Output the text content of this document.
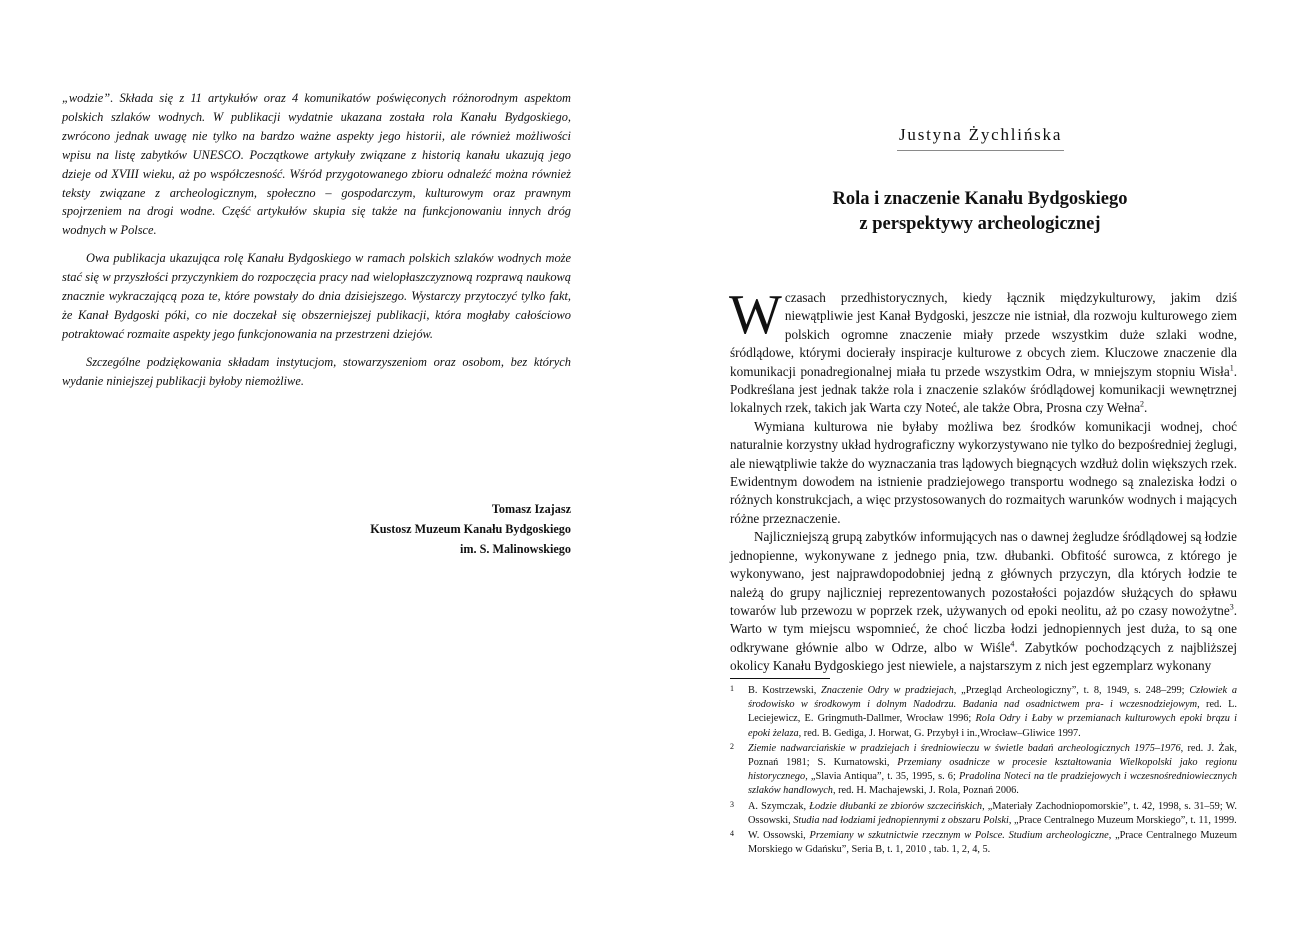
„wodzie”. Składa się z 11 artykułów oraz 4 komunikatów poświęconych różnorodnym aspektom polskich szlaków wodnych. W publikacji wydatnie ukazana została rola Kanału Bydgoskiego, zwrócono jednak uwagę nie tylko na bardzo ważne aspekty jego historii, ale również możliwości wpisu na listę zabytków UNESCO. Początkowe artykuły związane z historią kanału ukazują jego dzieje od XVIII wieku, aż po współczesność. Wśród przygotowanego zbioru odnaleźć można również teksty związane z archeologicznym, społeczno – gospodarczym, kulturowym oraz prawnym spojrzeniem na drogi wodne. Część artykułów skupia się także na funkcjonowaniu innych dróg wodnych w Polsce.

Owa publikacja ukazująca rolę Kanału Bydgoskiego w ramach polskich szlaków wodnych może stać się w przyszłości przyczynkiem do rozpoczęcia pracy nad wielopłaszczyznową rozprawą naukową znacznie wykraczającą poza te, które powstały do dnia dzisiejszego. Wystarczy przytoczyć tylko fakt, że Kanał Bydgoski póki, co nie doczekał się obszerniejszej publikacji, która mogłaby całościowo potraktować rozmaite aspekty jego funkcjonowania na przestrzeni dziejów.

Szczególne podziękowania składam instytucjom, stowarzyszeniom oraz osobom, bez których wydanie niniejszej publikacji byłoby niemożliwe.

Tomasz Izajasz
Kustosz Muzeum Kanału Bydgoskiego
im. S. Malinowskiego
Justyna Żychlińska
Rola i znaczenie Kanału Bydgoskiego
z perspektywy archeologicznej

Wczasach przedhistorycznych, kiedy łącznik międzykulturowy, jakim dziś niewątpliwie jest Kanał Bydgoski, jeszcze nie istniał, dla rozwoju kulturowego ziem polskich ogromne znaczenie miały przede wszystkim duże szlaki wodne, śródlądowe, którymi docierały inspiracje kulturowe z obcych ziem. Kluczowe znaczenie dla komunikacji ponadregionalnej miała tu przede wszystkim Odra, w mniejszym stopniu Wisła$^1$. Podkreślana jest jednak także rola i znaczenie szlaków śródlądowej komunikacji wewnętrznej lokalnych rzek, takich jak Warta czy Noteć, ale także Obra, Prosna czy Wełna$^2$.

Wymiana kulturowa nie byłaby możliwa bez środków komunikacji wodnej, choć naturalnie korzystny układ hydrograficzny wykorzystywano nie tylko do bezpośredniej żeglugi, ale niewątpliwie także do wyznaczania tras lądowych biegnących wzdłuż dolin większych rzek. Ewidentnym dowodem na istnienie pradziejowego transportu wodnego są znaleziska łodzi o różnych konstrukcjach, a więc przystosowanych do rozmaitych warunków wodnych i mających różne przeznaczenie.

Najliczniejszą grupą zabytków informujących nas o dawnej żegludze śródlądowej są łodzie jednopienne, wykonywane z jednego pnia, tzw. dłubanki. Obfitość surowca, z którego je wykonywano, jest najprawdopodobniej jedną z głównych przyczyn, dla których łodzie te należą do grupy najliczniej reprezentowanych pozostałości pojazdów służących do spławu towarów lub przewozu w poprzek rzek, używanych od epoki neolitu, aż po czasy nowożytne$^3$. Warto w tym miejscu wspomnieć, że choć liczba łodzi jednopiennych jest duża, to są one odkrywane głównie albo w Odrze, albo w Wiśle$^4$. Zabytków pochodzących z najbliższej okolicy Kanału Bydgoskiego jest niewiele, a najstarszym z nich jest egzemplarz wykonany

1 B. Kostrzewski, Znaczenie Odry w pradziejach, „Przegląd Archeologiczny”, t. 8, 1949, s. 248–299; Człowiek a środowisko w środkowym i dolnym Nadodrzu. Badania nad osadnictwem pra- i wczesnodziejowym, red. L. Leciejewicz, E. Gringmuth-Dallmer, Wrocław 1996; Rola Odry i Łaby w przemianach kulturowych epoki brązu i epoki żelaza, red. B. Gediga, J. Horwat, G. Przybył i in.,Wrocław–Gliwice 1997.
2 Ziemie nadwarciańskie w pradziejach i średniowieczu w świetle badań archeologicznych 1975–1976, red. J. Żak, Poznań 1981; S. Kurnatowski, Przemiany osadnicze w procesie kształtowania Wielkopolski jako regionu historycznego, „Slavia Antiqua”, t. 35, 1995, s. 6; Pradolina Noteci na tle pradziejowych i wczesnośredniowiecznych szlaków handlowych, red. H. Machajewski, J. Rola, Poznań 2006.
3 A. Szymczak, Łodzie dłubanki ze zbiorów szczecińskich, „Materiały Zachodniopomorskie”, t. 42, 1998, s. 31–59; W. Ossowski, Studia nad łodziami jednopiennymi z obszaru Polski, „Prace Centralnego Muzeum Morskiego”, t. 11, 1999.
4 W. Ossowski, Przemiany w szkutnictwie rzecznym w Polsce. Studium archeologiczne, „Prace Centralnego Muzeum Morskiego w Gdańsku”, Seria B, t. 1, 2010 , tab. 1, 2, 4, 5.
